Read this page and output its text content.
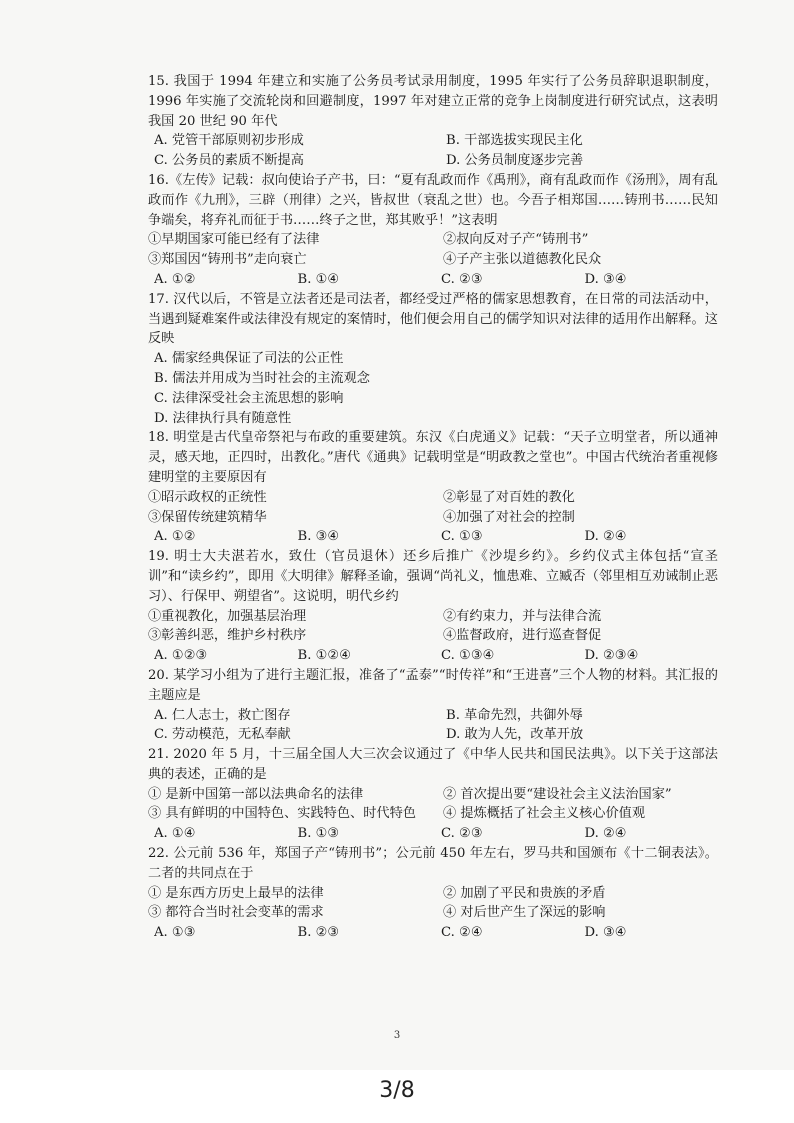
15. 我国于 1994 年建立和实施了公务员考试录用制度，1995 年实行了公务员辞职退职制度，1996 年实施了交流轮岗和回避制度，1997 年对建立正常的竞争上岗制度进行研究试点，这表明我国 20 世纪 90 年代

A. 党管干部原则初步形成	B. 干部选拔实现民主化
C. 公务员的素质不断提高	D. 公务员制度逐步完善

16.《左传》记载：叔向使诒子产书，曰：“夏有乱政而作《禹刑》，商有乱政而作《汤刑》，周有乱政而作《九刑》，三辟（刑律）之兴，皆叔世（衰乱之世）也。今吾子相郑国……铸刑书……民知争端矣，将弃礼而征于书……终子之世，郑其败乎！”这表明

①早期国家可能已经有了法律	②叔向反对子产“铸刑书”
③郑国因“铸刑书”走向衰亡	④子产主张以道德教化民众
A. ①②	B. ①④	C. ②③	D. ③④

17. 汉代以后，不管是立法者还是司法者，都经受过严格的儒家思想教育，在日常的司法活动中，当遇到疑难案件或法律没有规定的案情时，他们便会用自己的儒学知识对法律的适用作出解释。这反映

A. 儒家经典保证了司法的公正性
B. 儒法并用成为当时社会的主流观念
C. 法律深受社会主流思想的影响
D. 法律执行具有随意性

18. 明堂是古代皇帝祭祀与布政的重要建筑。东汉《白虎通义》记载：“天子立明堂者，所以通神灵，感天地，正四时，出教化。”唐代《通典》记载明堂是“明政教之堂也”。中国古代统治者重视修建明堂的主要原因有

①昭示政权的正统性	②彰显了对百姓的教化
③保留传统建筑精华	④加强了对社会的控制
A. ①②	B. ③④	C. ①③	D. ②④

19. 明士大夫湛若水，致仕（官员退休）还乡后推广《沙堤乡约》。乡约仪式主体包括“宣圣训”和“读乡约”，即用《大明律》解释圣谕，强调“尚礼义，恤患难、立臧否（邻里相互劝诫制止恶习）、行保甲、朔望省”。这说明，明代乡约

①重视教化，加强基层治理	②有约束力，并与法律合流
③彰善纠恶，维护乡村秩序	④监督政府，进行巡查督促
A. ①②③	B. ①②④	C. ①③④	D. ②③④

20. 某学习小组为了进行主题汇报，准备了“孟泰”“时传祥”和“王进喜”三个人物的材料。其汇报的主题应是

A. 仁人志士，救亡图存	B. 革命先烈，共御外辱
C. 劳动模范，无私奉献	D. 敢为人先，改革开放

21. 2020 年 5 月，十三届全国人大三次会议通过了《中华人民共和国民法典》。以下关于这部法典的表述，正确的是

① 是新中国第一部以法典命名的法律	② 首次提出要“建设社会主义法治国家”
③ 具有鲜明的中国特色、实践特色、时代特色	④ 提炼概括了社会主义核心价值观
A. ①④	B. ①③	C. ②③	D. ②④

22. 公元前 536 年，郑国子产“铸刑书”；公元前 450 年左右，罗马共和国颁布《十二铜表法》。二者的共同点在于

① 是东西方历史上最早的法律	② 加剧了平民和贵族的矛盾
③ 都符合当时社会变革的需求	④ 对后世产生了深远的影响
A. ①③	B. ②③	C. ②④	D. ③④
3
3/8
